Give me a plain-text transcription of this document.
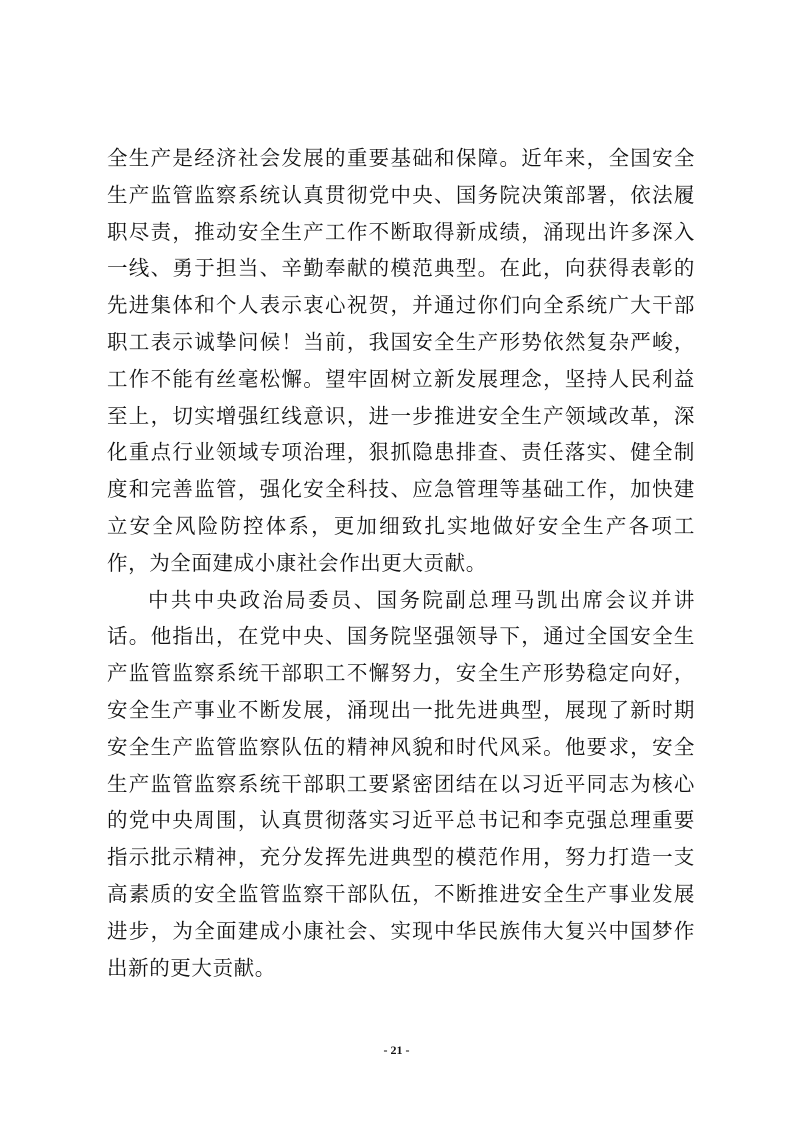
全生产是经济社会发展的重要基础和保障。近年来，全国安全生产监管监察系统认真贯彻党中央、国务院决策部署，依法履职尽责，推动安全生产工作不断取得新成绩，涌现出许多深入一线、勇于担当、辛勤奉献的模范典型。在此，向获得表彰的先进集体和个人表示衷心祝贺，并通过你们向全系统广大干部职工表示诚挚问候！当前，我国安全生产形势依然复杂严峻，工作不能有丝毫松懈。望牢固树立新发展理念，坚持人民利益至上，切实增强红线意识，进一步推进安全生产领域改革，深化重点行业领域专项治理，狠抓隐患排查、责任落实、健全制度和完善监管，强化安全科技、应急管理等基础工作，加快建立安全风险防控体系，更加细致扎实地做好安全生产各项工作，为全面建成小康社会作出更大贡献。

中共中央政治局委员、国务院副总理马凯出席会议并讲话。他指出，在党中央、国务院坚强领导下，通过全国安全生产监管监察系统干部职工不懈努力，安全生产形势稳定向好，安全生产事业不断发展，涌现出一批先进典型，展现了新时期安全生产监管监察队伍的精神风貌和时代风采。他要求，安全生产监管监察系统干部职工要紧密团结在以习近平同志为核心的党中央周围，认真贯彻落实习近平总书记和李克强总理重要指示批示精神，充分发挥先进典型的模范作用，努力打造一支高素质的安全监管监察干部队伍，不断推进安全生产事业发展进步，为全面建成小康社会、实现中华民族伟大复兴中国梦作出新的更大贡献。

- 21 -
